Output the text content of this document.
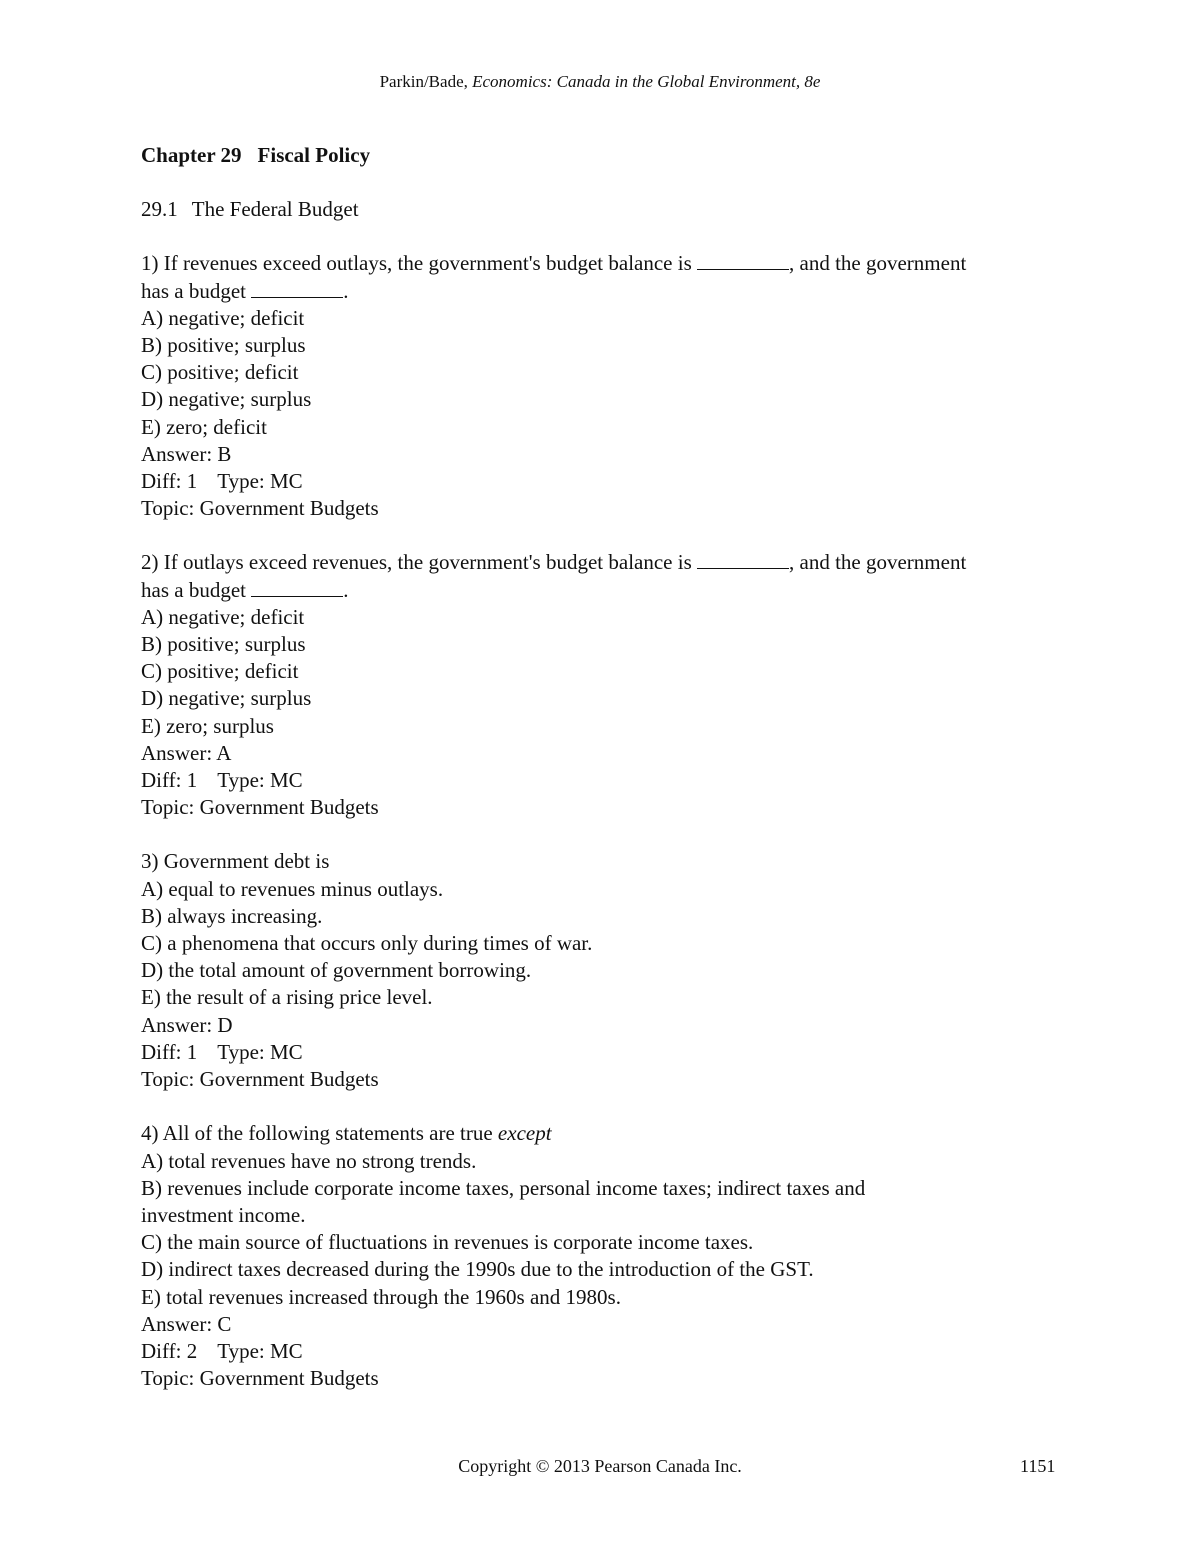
Parkin/Bade, Economics: Canada in the Global Environment, 8e
Chapter 29 Fiscal Policy
29.1 The Federal Budget
1) If revenues exceed outlays, the government's budget balance is	, and the government
has a budget	.
A) negative; deficit
B) positive; surplus
C) positive; deficit
D) negative; surplus
E) zero; deficit
Answer: B
Diff: 1 Type: MC
Topic: Government Budgets
2) If outlays exceed revenues, the government's budget balance is	, and the government
has a budget	.
A) negative; deficit
B) positive; surplus
C) positive; deficit
D) negative; surplus
E) zero; surplus
Answer: A
Diff: 1 Type: MC
Topic: Government Budgets
3) Government debt is
A) equal to revenues minus outlays.
B) always increasing.
C) a phenomena that occurs only during times of war.
D) the total amount of government borrowing.
E) the result of a rising price level.
Answer: D
Diff: 1 Type: MC
Topic: Government Budgets
4) All of the following statements are true except
A) total revenues have no strong trends.
B) revenues include corporate income taxes, personal income taxes; indirect taxes and
investment income.
C) the main source of fluctuations in revenues is corporate income taxes.
D) indirect taxes decreased during the 1990s due to the introduction of the GST.
E) total revenues increased through the 1960s and 1980s.
Answer: C
Diff: 2 Type: MC
Topic: Government Budgets
Copyright © 2013 Pearson Canada Inc.	1151
